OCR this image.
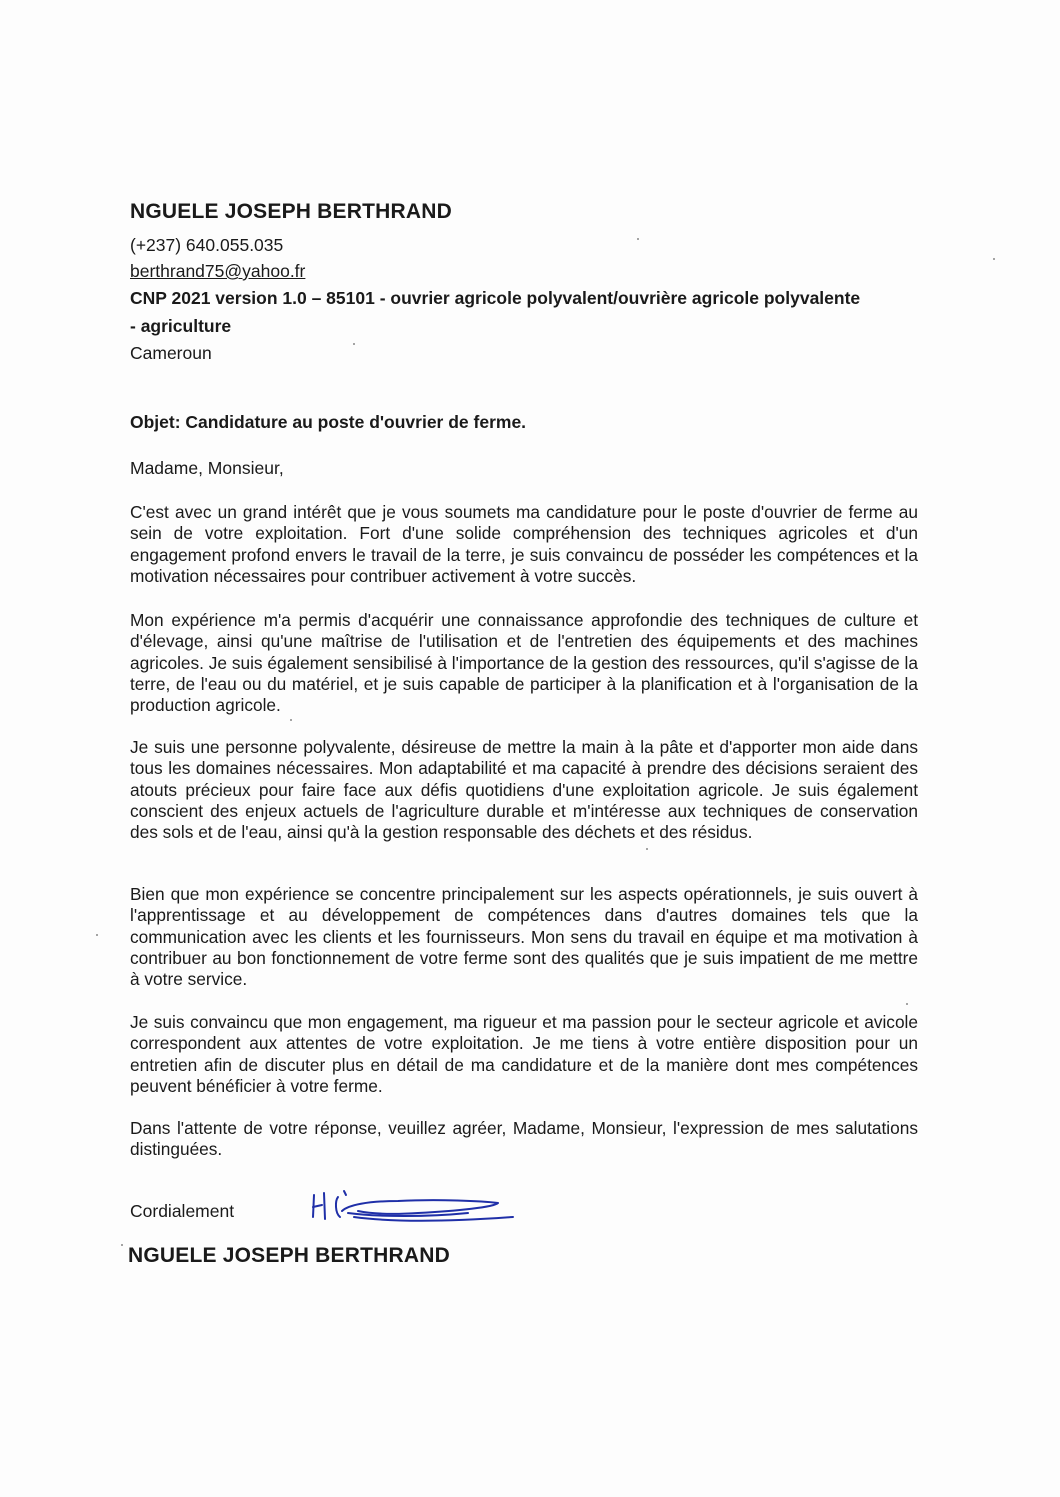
NGUELE JOSEPH BERTHRAND

(+237) 640.055.035

berthrand75@yahoo.fr

CNP 2021 version 1.0 – 85101 - ouvrier agricole polyvalent/ouvrière agricole polyvalente - agriculture

Cameroun

Objet: Candidature au poste d'ouvrier de ferme.

Madame, Monsieur,

C'est avec un grand intérêt que je vous soumets ma candidature pour le poste d'ouvrier de ferme au sein de votre exploitation. Fort d'une solide compréhension des techniques agricoles et d'un engagement profond envers le travail de la terre, je suis convaincu de posséder les compétences et la motivation nécessaires pour contribuer activement à votre succès.

Mon expérience m'a permis d'acquérir une connaissance approfondie des techniques de culture et d'élevage, ainsi qu'une maîtrise de l'utilisation et de l'entretien des équipements et des machines agricoles. Je suis également sensibilisé à l'importance de la gestion des ressources, qu'il s'agisse de la terre, de l'eau ou du matériel, et je suis capable de participer à la planification et à l'organisation de la production agricole.

Je suis une personne polyvalente, désireuse de mettre la main à la pâte et d'apporter mon aide dans tous les domaines nécessaires. Mon adaptabilité et ma capacité à prendre des décisions seraient des atouts précieux pour faire face aux défis quotidiens d'une exploitation agricole. Je suis également conscient des enjeux actuels de l'agriculture durable et m'intéresse aux techniques de conservation des sols et de l'eau, ainsi qu'à la gestion responsable des déchets et des résidus.

Bien que mon expérience se concentre principalement sur les aspects opérationnels, je suis ouvert à l'apprentissage et au développement de compétences dans d'autres domaines tels que la communication avec les clients et les fournisseurs. Mon sens du travail en équipe et ma motivation à contribuer au bon fonctionnement de votre ferme sont des qualités que je suis impatient de me mettre à votre service.

Je suis convaincu que mon engagement, ma rigueur et ma passion pour le secteur agricole et avicole correspondent aux attentes de votre exploitation. Je me tiens à votre entière disposition pour un entretien afin de discuter plus en détail de ma candidature et de la manière dont mes compétences peuvent bénéficier à votre ferme.

Dans l'attente de votre réponse, veuillez agréer, Madame, Monsieur, l'expression de mes salutations distinguées.

Cordialement

NGUELE JOSEPH BERTHRAND
